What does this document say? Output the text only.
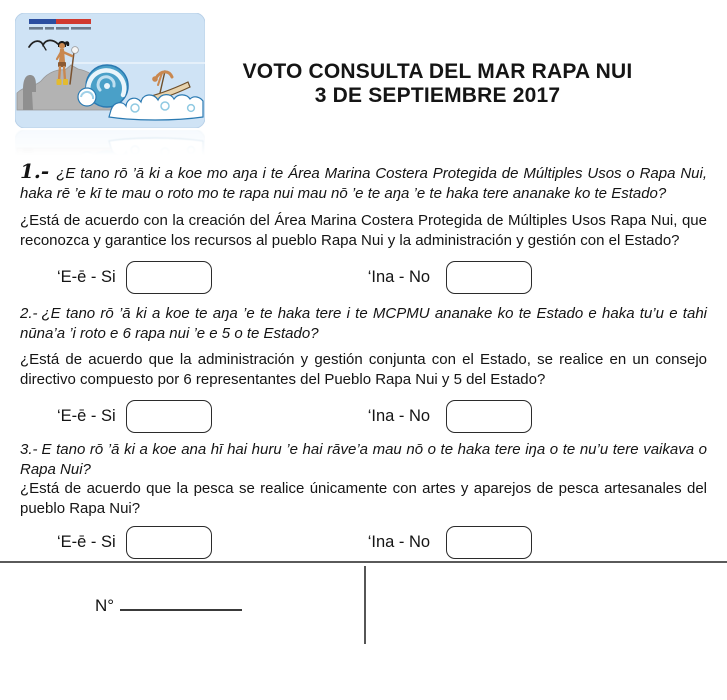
VOTO CONSULTA DEL MAR RAPA NUI
3 DE SEPTIEMBRE 2017

1.- ¿E tano rō ’ā ki a koe mo aŋa i te Área Marina Costera Protegida de Múltiples Usos o Rapa Nui, haka rē ’e kī te mau o roto mo te rapa nui mau nō ’e te aŋa ’e te haka tere ananake ko te Estado?

¿Está de acuerdo con la creación del Área Marina Costera Protegida de Múltiples Usos Rapa Nui, que reconozca y garantice los recursos al pueblo Rapa Nui y la administración y gestión con el Estado?

‘E-ē - Si	‘Ina - No

2.- ¿E tano rō ’ā ki a koe te aŋa ’e te haka tere i te MCPMU ananake ko te Estado e haka tu’u e tahi nūna’a ’i roto e 6 rapa nui ’e e 5 o te Estado?

¿Está de acuerdo que la administración y gestión conjunta con el Estado, se realice en un consejo directivo compuesto por 6 representantes del Pueblo Rapa Nui y 5 del Estado?

‘E-ē - Si	‘Ina - No

3.- E tano rō ’ā ki a koe ana hī hai huru ’e hai rāve’a mau nō o te haka tere iŋa o te nu’u tere vaikava o Rapa Nui?

¿Está de acuerdo que la pesca se realice únicamente con artes y aparejos de pesca artesanales del pueblo Rapa Nui?

‘E-ē - Si	‘Ina - No
N°
